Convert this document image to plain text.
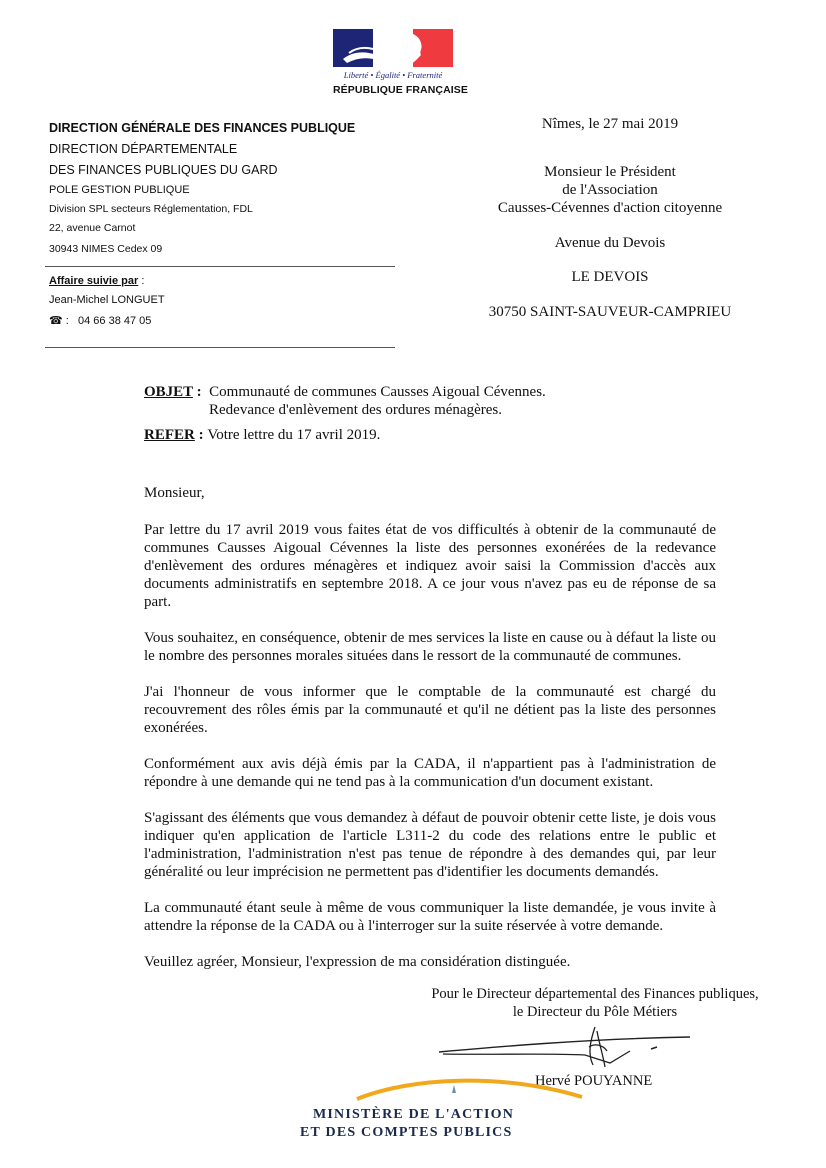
Liberté • Égalité • Fraternité
RÉPUBLIQUE FRANÇAISE
DIRECTION GÉNÉRALE DES FINANCES PUBLIQUE
DIRECTION DÉPARTEMENTALE
DES FINANCES PUBLIQUES DU GARD
POLE GESTION PUBLIQUE
Division SPL secteurs Réglementation, FDL
22, avenue Carnot
30943 NIMES Cedex 09
Affaire suivie par :
Jean-Michel LONGUET
☎ : 04 66 38 47 05
Nîmes, le 27 mai 2019
Monsieur le Président
de l'Association
Causses-Cévennes d'action citoyenne
Avenue du Devois
LE DEVOIS
30750 SAINT-SAUVEUR-CAMPRIEU
OBJET : Communauté de communes Causses Aigoual Cévennes.
Redevance d'enlèvement des ordures ménagères.
REFER : Votre lettre du 17 avril 2019.

Monsieur,

Par lettre du 17 avril 2019 vous faites état de vos difficultés à obtenir de la communauté de communes Causses Aigoual Cévennes la liste des personnes exonérées de la redevance d'enlèvement des ordures ménagères et indiquez avoir saisi la Commission d'accès aux documents administratifs en septembre 2018. A ce jour vous n'avez pas eu de réponse de sa part.

Vous souhaitez, en conséquence, obtenir de mes services la liste en cause ou à défaut la liste ou le nombre des personnes morales situées dans le ressort de la communauté de communes.

J'ai l'honneur de vous informer que le comptable de la communauté est chargé du recouvrement des rôles émis par la communauté et qu'il ne détient pas la liste des personnes exonérées.

Conformément aux avis déjà émis par la CADA, il n'appartient pas à l'administration de répondre à une demande qui ne tend pas à la communication d'un document existant.

S'agissant des éléments que vous demandez à défaut de pouvoir obtenir cette liste, je dois vous indiquer qu'en application de l'article L311-2 du code des relations entre le public et l'administration, l'administration n'est pas tenue de répondre à des demandes qui, par leur généralité ou leur imprécision ne permettent pas d'identifier les documents demandés.

La communauté étant seule à même de vous communiquer la liste demandée, je vous invite à attendre la réponse de la CADA ou à l'interroger sur la suite réservée à votre demande.

Veuillez agréer, Monsieur, l'expression de ma considération distinguée.

Pour le Directeur départemental des Finances publiques,
le Directeur du Pôle Métiers
Hervé POUYANNE
MINISTÈRE DE L'ACTION
ET DES COMPTES PUBLICS
